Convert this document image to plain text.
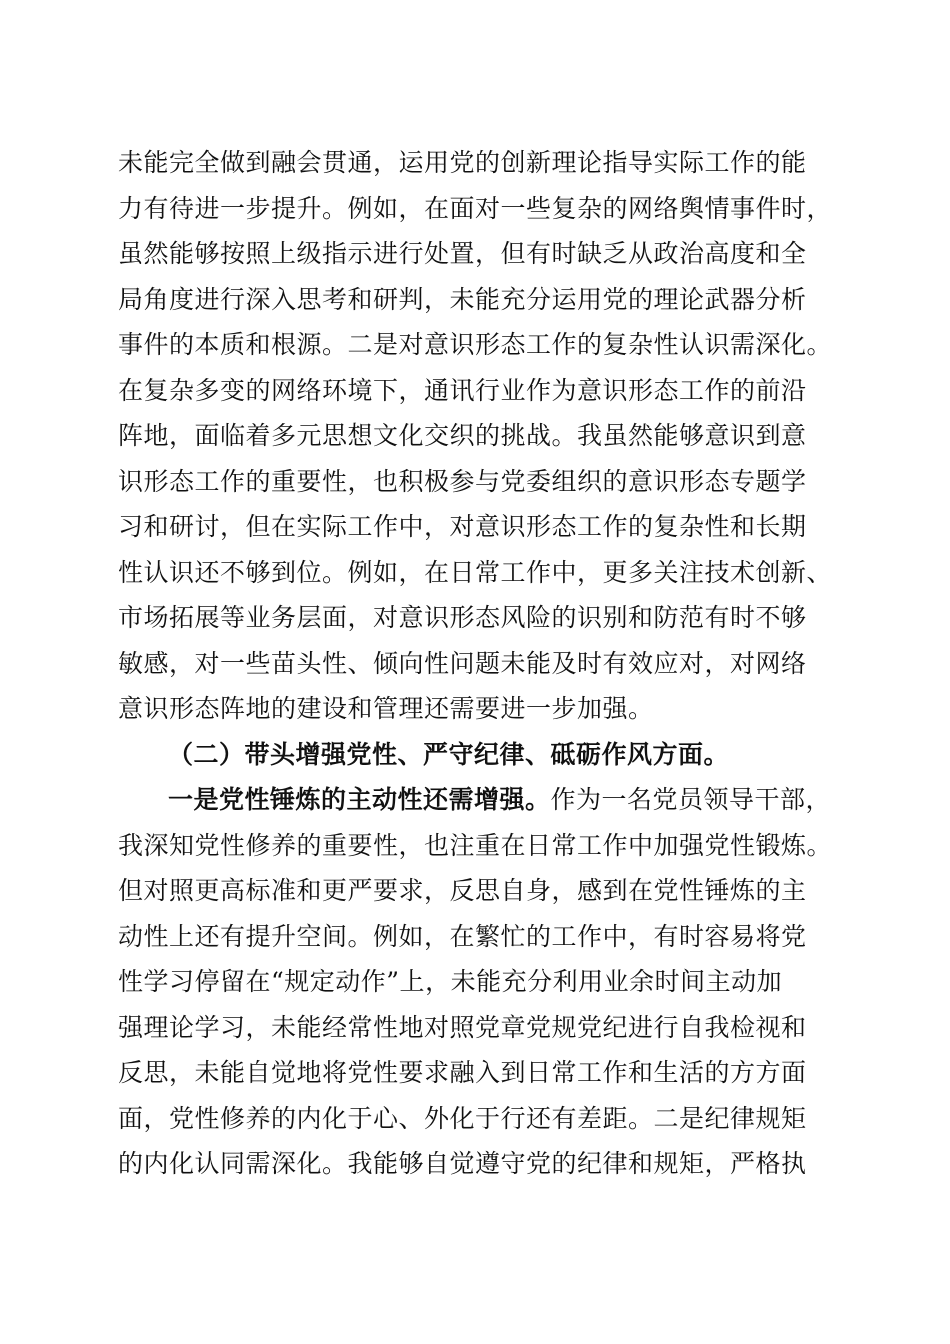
未能完全做到融会贯通，运用党的创新理论指导实际工作的能
力有待进一步提升。例如，在面对一些复杂的网络舆情事件时，
虽然能够按照上级指示进行处置，但有时缺乏从政治高度和全
局角度进行深入思考和研判，未能充分运用党的理论武器分析
事件的本质和根源。二是对意识形态工作的复杂性认识需深化。
在复杂多变的网络环境下，通讯行业作为意识形态工作的前沿
阵地，面临着多元思想文化交织的挑战。我虽然能够意识到意
识形态工作的重要性，也积极参与党委组织的意识形态专题学
习和研讨，但在实际工作中，对意识形态工作的复杂性和长期
性认识还不够到位。例如，在日常工作中，更多关注技术创新、
市场拓展等业务层面，对意识形态风险的识别和防范有时不够
敏感，对一些苗头性、倾向性问题未能及时有效应对，对网络
意识形态阵地的建设和管理还需要进一步加强。
（二）带头增强党性、严守纪律、砥砺作风方面。
一是党性锤炼的主动性还需增强。作为一名党员领导干部，
我深知党性修养的重要性，也注重在日常工作中加强党性锻炼。
但对照更高标准和更严要求，反思自身，感到在党性锤炼的主
动性上还有提升空间。例如，在繁忙的工作中，有时容易将党
性学习停留在“规定动作”上，未能充分利用业余时间主动加
强理论学习，未能经常性地对照党章党规党纪进行自我检视和
反思，未能自觉地将党性要求融入到日常工作和生活的方方面
面，党性修养的内化于心、外化于行还有差距。二是纪律规矩
的内化认同需深化。我能够自觉遵守党的纪律和规矩，严格执
